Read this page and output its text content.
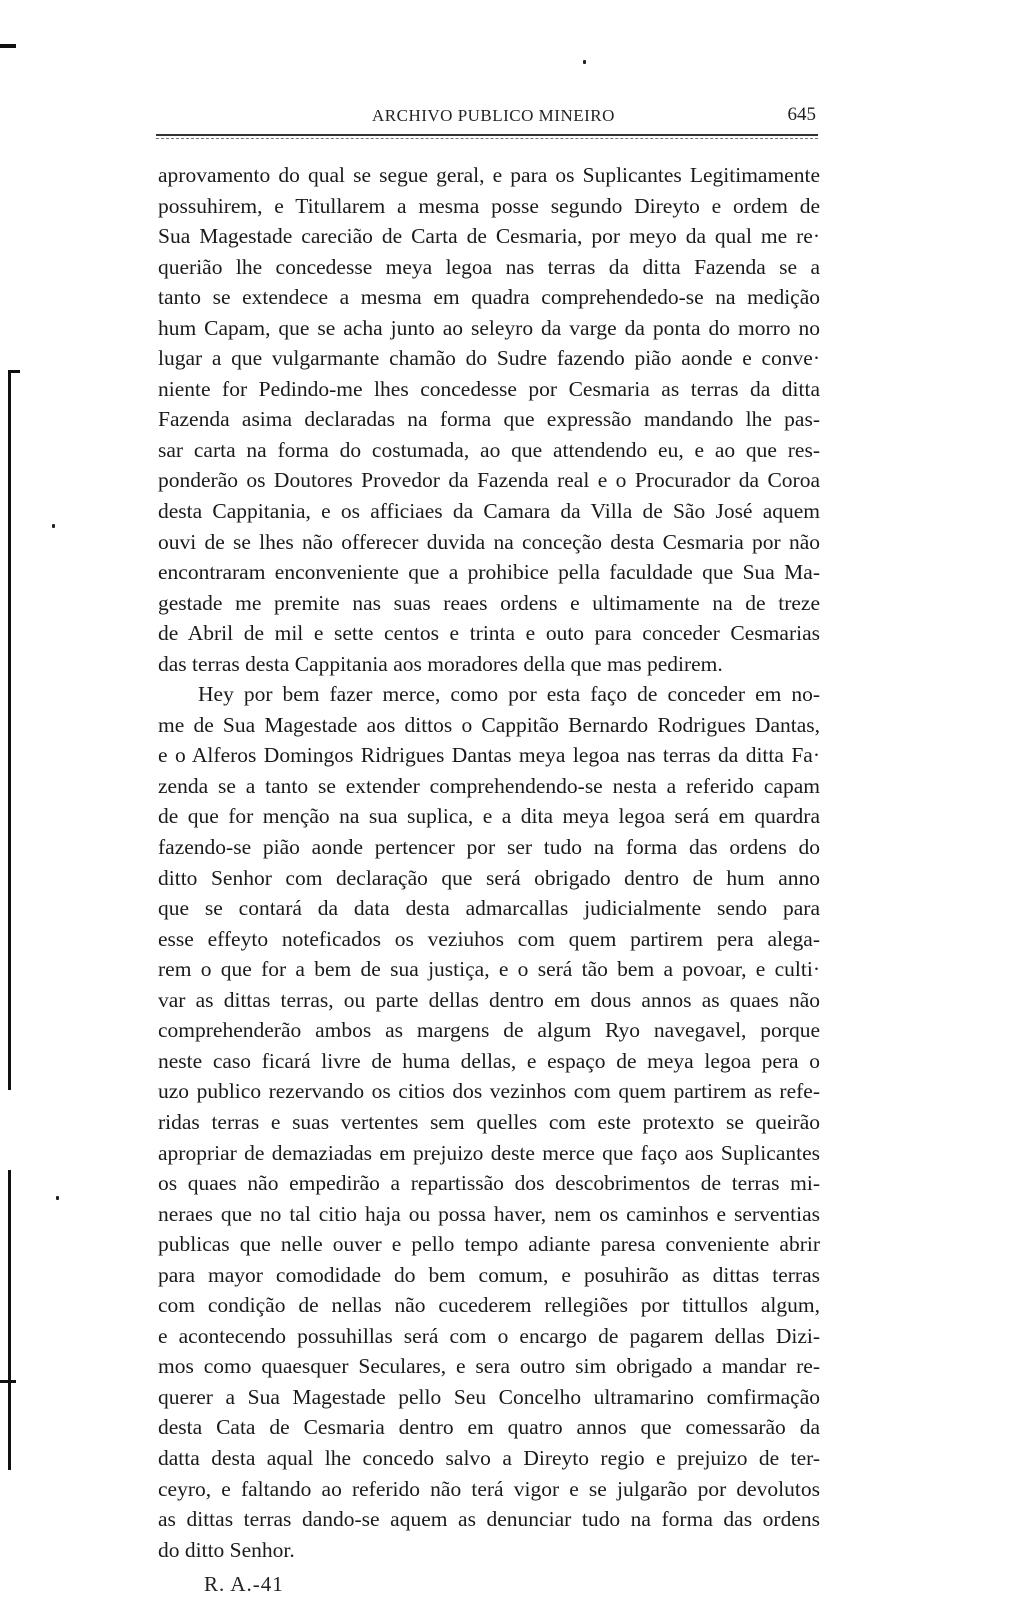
ARCHIVO PUBLICO MINEIRO	645
aprovamento do qual se segue geral, e para os Suplicantes Legitimamente
possuhirem, e Titullarem a mesma posse segundo Direyto e ordem de
Sua Magestade carecião de Carta de Cesmaria, por meyo da qual me re·
querião lhe concedesse meya legoa nas terras da ditta Fazenda se a
tanto se extendece a mesma em quadra comprehendedo-se na medição
hum Capam, que se acha junto ao seleyro da varge da ponta do morro no
lugar a que vulgarmante chamão do Sudre fazendo pião aonde e conve·
niente for Pedindo-me lhes concedesse por Cesmaria as terras da ditta
Fazenda asima declaradas na forma que expressão mandando lhe pas-
sar carta na forma do costumada, ao que attendendo eu, e ao que res-
ponderão os Doutores Provedor da Fazenda real e o Procurador da Coroa
desta Cappitania, e os afficiaes da Camara da Villa de São José aquem
ouvi de se lhes não offerecer duvida na conceção desta Cesmaria por não
encontraram enconveniente que a prohibice pella faculdade que Sua Ma-
gestade me premite nas suas reaes ordens e ultimamente na de treze
de Abril de mil e sette centos e trinta e outo para conceder Cesmarias
das terras desta Cappitania aos moradores della que mas pedirem.
Hey por bem fazer merce, como por esta faço de conceder em no-
me de Sua Magestade aos dittos o Cappitão Bernardo Rodrigues Dantas,
e o Alferos Domingos Ridrigues Dantas meya legoa nas terras da ditta Fa·
zenda se a tanto se extender comprehendendo-se nesta a referido capam
de que for menção na sua suplica, e a dita meya legoa será em quardra
fazendo-se pião aonde pertencer por ser tudo na forma das ordens do
ditto Senhor com declaração que será obrigado dentro de hum anno
que se contará da data desta admarcallas judicialmente sendo para
esse effeyto noteficados os veziuhos com quem partirem pera alega-
rem o que for a bem de sua justiça, e o será tão bem a povoar, e culti·
var as dittas terras, ou parte dellas dentro em dous annos as quaes não
comprehenderão ambos as margens de algum Ryo navegavel, porque
neste caso ficará livre de huma dellas, e espaço de meya legoa pera o
uzo publico rezervando os citios dos vezinhos com quem partirem as refe-
ridas terras e suas vertentes sem quelles com este protexto se queirão
apropriar de demaziadas em prejuizo deste merce que faço aos Suplicantes
os quaes não empedirão a repartissão dos descobrimentos de terras mi-
neraes que no tal citio haja ou possa haver, nem os caminhos e serventias
publicas que nelle ouver e pello tempo adiante paresa conveniente abrir
para mayor comodidade do bem comum, e posuhirão as dittas terras
com condição de nellas não cucederem rellegiões por tittullos algum,
e acontecendo possuhillas será com o encargo de pagarem dellas Dizi-
mos como quaesquer Seculares, e sera outro sim obrigado a mandar re-
querer a Sua Magestade pello Seu Concelho ultramarino comfirmação
desta Cata de Cesmaria dentro em quatro annos que comessarão da
datta desta aqual lhe concedo salvo a Direyto regio e prejuizo de ter-
ceyro, e faltando ao referido não terá vigor e se julgarão por devolutos
as dittas terras dando-se aquem as denunciar tudo na forma das ordens
do ditto Senhor.
R. A.-41
